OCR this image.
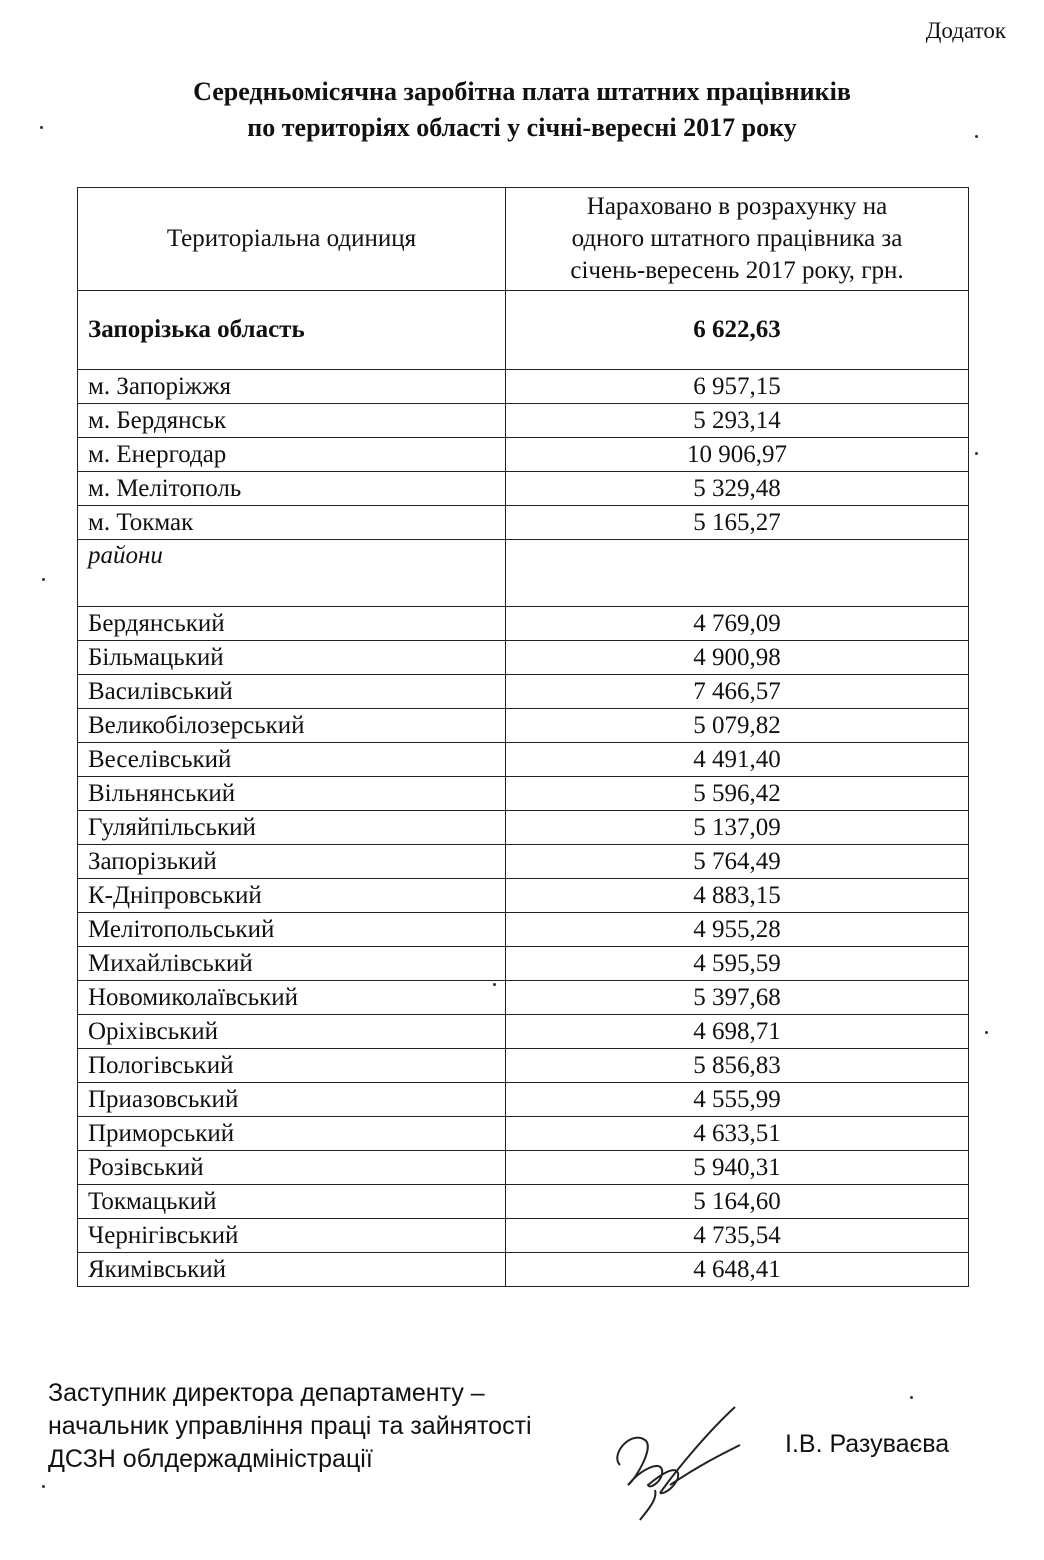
Додаток
Середньомісячна заробітна плата штатних працівників
по територіях області у січні-вересні 2017 року
Територіальна одиниця	Нараховано в розрахунку на
одного штатного працівника за
січень-вересень 2017 року, грн.

Запорізька область	6 622,63
м. Запоріжжя	6 957,15
м. Бердянськ	5 293,14
м. Енергодар	10 906,97
м. Мелітополь	5 329,48
м. Токмак	5 165,27
райони	
Бердянський	4 769,09
Більмацький	4 900,98
Василівський	7 466,57
Великобілозерський	5 079,82
Веселівський	4 491,40
Вільнянський	5 596,42
Гуляйпільський	5 137,09
Запорізький	5 764,49
К-Дніпровський	4 883,15
Мелітопольський	4 955,28
Михайлівський	4 595,59
Новомиколаївський	5 397,68
Оріхівський	4 698,71
Пологівський	5 856,83
Приазовський	4 555,99
Приморський	4 633,51
Розівський	5 940,31
Токмацький	5 164,60
Чернігівський	4 735,54
Якимівський	4 648,41
Заступник директора департаменту –
начальник управління праці та зайнятості
ДСЗН облдержадміністрації
І.В. Разуваєва
